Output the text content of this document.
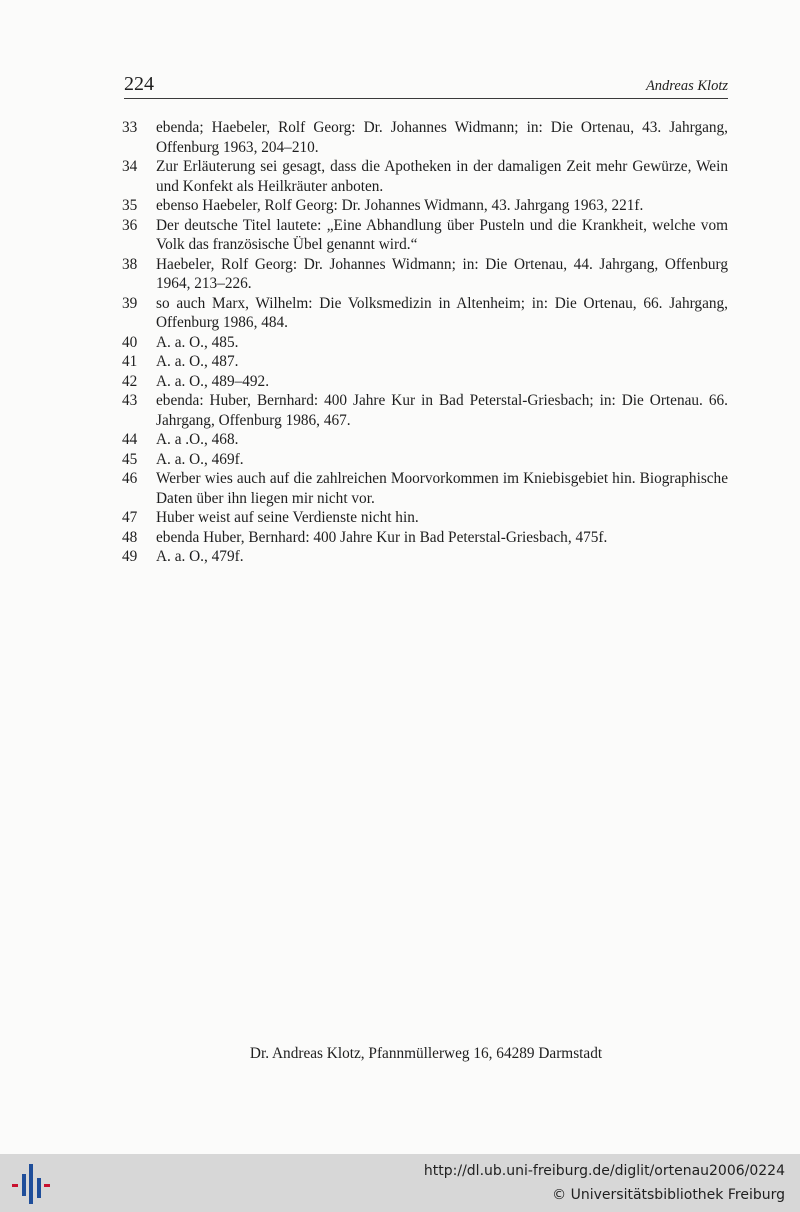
224	Andreas Klotz
33	ebenda; Haebeler, Rolf Georg: Dr. Johannes Widmann; in: Die Ortenau, 43. Jahrgang, Offenburg 1963, 204–210.
34	Zur Erläuterung sei gesagt, dass die Apotheken in der damaligen Zeit mehr Gewürze, Wein und Konfekt als Heilkräuter anboten.
35	ebenso Haebeler, Rolf Georg: Dr. Johannes Widmann, 43. Jahrgang 1963, 221f.
36	Der deutsche Titel lautete: „Eine Abhandlung über Pusteln und die Krankheit, welche vom Volk das französische Übel genannt wird.“
38	Haebeler, Rolf Georg: Dr. Johannes Widmann; in: Die Ortenau, 44. Jahrgang, Offenburg 1964, 213–226.
39	so auch Marx, Wilhelm: Die Volksmedizin in Altenheim; in: Die Ortenau, 66. Jahrgang, Offenburg 1986, 484.
40	A. a. O., 485.
41	A. a. O., 487.
42	A. a. O., 489–492.
43	ebenda: Huber, Bernhard: 400 Jahre Kur in Bad Peterstal-Griesbach; in: Die Ortenau. 66. Jahrgang, Offenburg 1986, 467.
44	A. a .O., 468.
45	A. a. O., 469f.
46	Werber wies auch auf die zahlreichen Moorvorkommen im Kniebisgebiet hin. Biographische Daten über ihn liegen mir nicht vor.
47	Huber weist auf seine Verdienste nicht hin.
48	ebenda Huber, Bernhard: 400 Jahre Kur in Bad Peterstal-Griesbach, 475f.
49	A. a. O., 479f.
Dr. Andreas Klotz, Pfannmüllerweg 16, 64289 Darmstadt
http://dl.ub.uni-freiburg.de/diglit/ortenau2006/0224
© Universitätsbibliothek Freiburg
